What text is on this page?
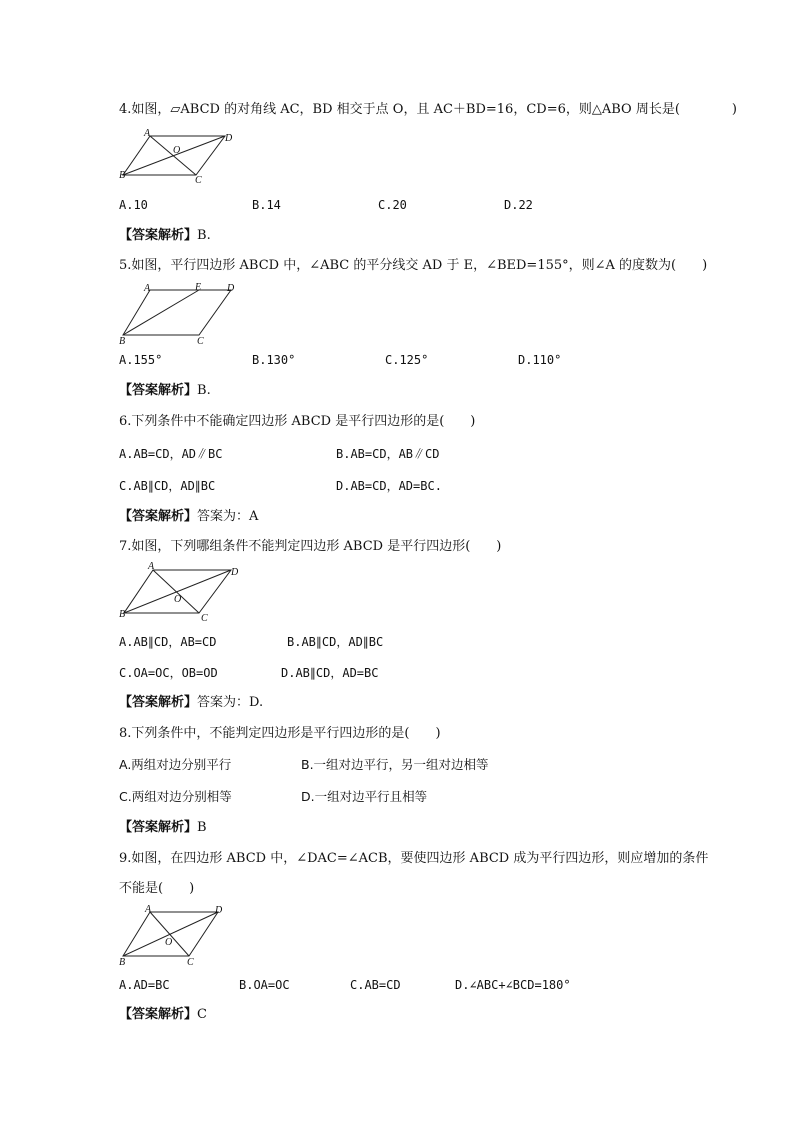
4.如图，▱ABCD 的对角线 AC，BD 相交于点 O，且 AC＋BD=16，CD=6，则△ABO 周长是(　　　　)
A	D
O
B	C
A.10	B.14	C.20	D.22
【答案解析】B.
5.如图，平行四边形 ABCD 中，∠ABC 的平分线交 AD 于 E，∠BED=155°，则∠A 的度数为(　　)
A	E	D
B	C
A.155°	B.130°	C.125°	D.110°
【答案解析】B.
6.下列条件中不能确定四边形 ABCD 是平行四边形的是(　　)
A.AB=CD，AD∥BC	B.AB=CD，AB∥CD
C.AB∥CD，AD∥BC	D.AB=CD，AD=BC.
【答案解析】答案为：A
7.如图，下列哪组条件不能判定四边形 ABCD 是平行四边形(　　)
A
D
O
B	C
A.AB∥CD，AB=CD	B.AB∥CD，AD∥BC
C.OA=OC，OB=OD	D.AB∥CD，AD=BC
【答案解析】答案为：D.
8.下列条件中，不能判定四边形是平行四边形的是(　　)
A.两组对边分别平行	B.一组对边平行，另一组对边相等
C.两组对边分别相等	D.一组对边平行且相等
【答案解析】B
9.如图，在四边形 ABCD 中，∠DAC=∠ACB，要使四边形 ABCD 成为平行四边形，则应增加的条件
不能是(　　)
A	D
O
B	C
A.AD=BC	B.OA=OC	C.AB=CD	D.∠ABC+∠BCD=180°
【答案解析】C
